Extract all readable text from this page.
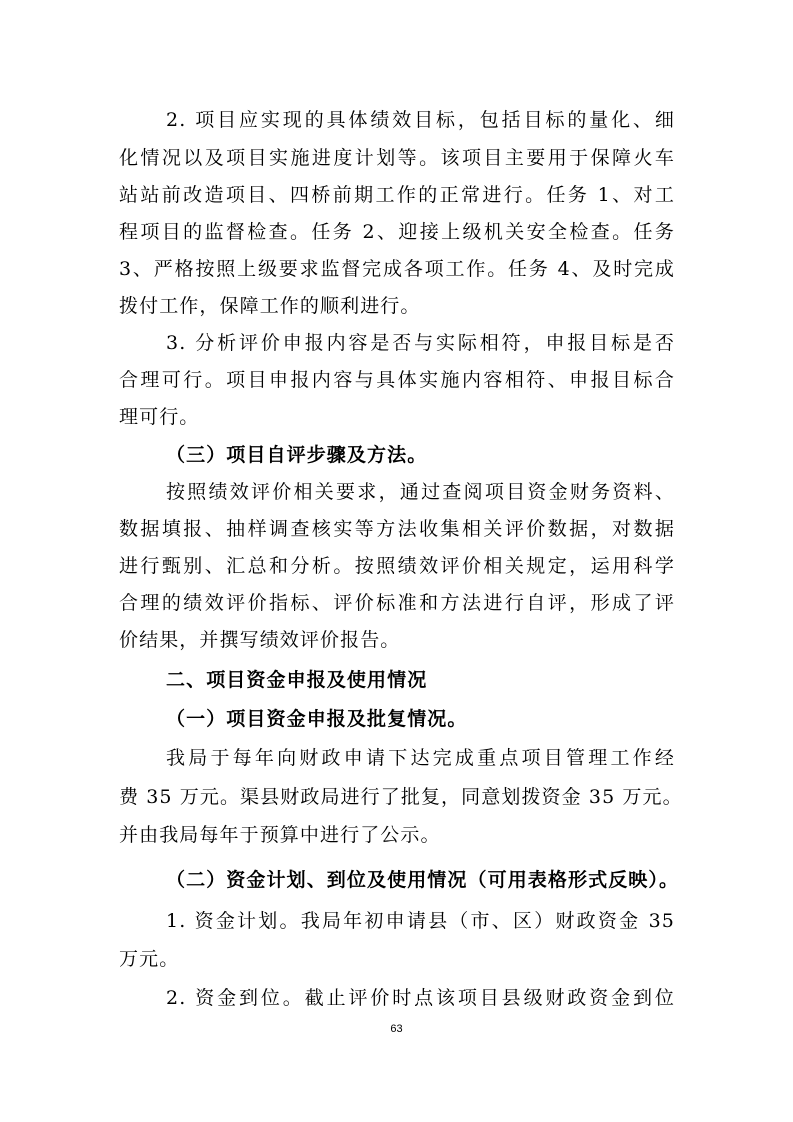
2. 项目应实现的具体绩效目标，包括目标的量化、细
化情况以及项目实施进度计划等。该项目主要用于保障火车
站站前改造项目、四桥前期工作的正常进行。任务 1、对工
程项目的监督检查。任务 2、迎接上级机关安全检查。任务
3、严格按照上级要求监督完成各项工作。任务 4、及时完成
拨付工作，保障工作的顺利进行。
3. 分析评价申报内容是否与实际相符，申报目标是否
合理可行。项目申报内容与具体实施内容相符、申报目标合
理可行。
（三）项目自评步骤及方法。
按照绩效评价相关要求，通过查阅项目资金财务资料、
数据填报、抽样调查核实等方法收集相关评价数据，对数据
进行甄别、汇总和分析。按照绩效评价相关规定，运用科学
合理的绩效评价指标、评价标准和方法进行自评，形成了评
价结果，并撰写绩效评价报告。
二、项目资金申报及使用情况
（一）项目资金申报及批复情况。
我局于每年向财政申请下达完成重点项目管理工作经
费 35 万元。渠县财政局进行了批复，同意划拨资金 35 万元。
并由我局每年于预算中进行了公示。
（二）资金计划、到位及使用情况（可用表格形式反映）。
1. 资金计划。我局年初申请县（市、区）财政资金 35
万元。
2. 资金到位。截止评价时点该项目县级财政资金到位
63
